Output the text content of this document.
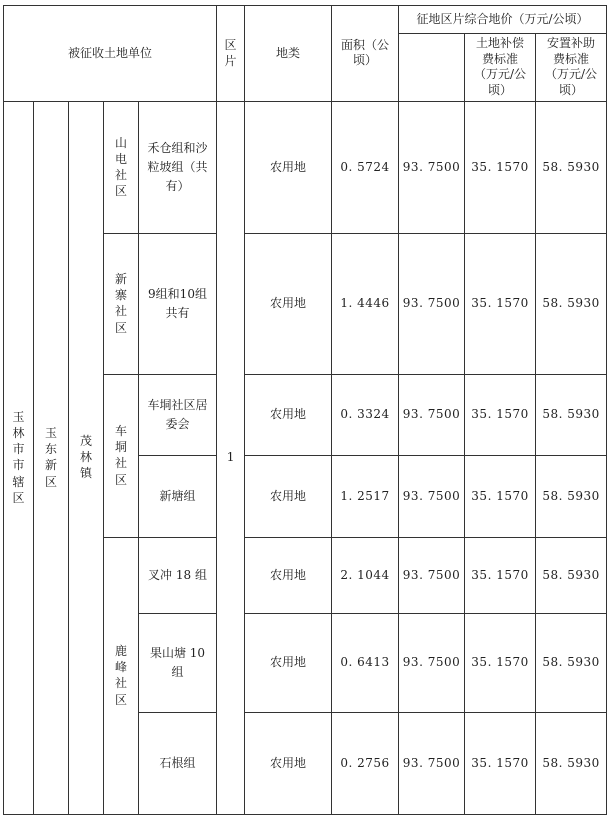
被征收土地单位					区片	地类	面积（公顷）	征地区片综合地价（万元/公顷）		
									土地补偿费标准（万元/公顷）	安置补助费标准（万元/公顷）
玉林市市辖区	玉东新区	茂林镇	山电社区	禾仓组和沙粒坡组（共有）	1	农用地	0. 5724	93. 7500	35. 1570	58. 5930
			新寨社区	9组和10组共有		农用地	1. 4446	93. 7500	35. 1570	58. 5930
			车垌社区	车垌社区居委会		农用地	0. 3324	93. 7500	35. 1570	58. 5930
				新塘组		农用地	1. 2517	93. 7500	35. 1570	58. 5930
			鹿峰社区	叉冲 18 组		农用地	2. 1044	93. 7500	35. 1570	58. 5930
				果山塘 10 组		农用地	0. 6413	93. 7500	35. 1570	58. 5930
				石根组		农用地	0. 2756	93. 7500	35. 1570	58. 5930
